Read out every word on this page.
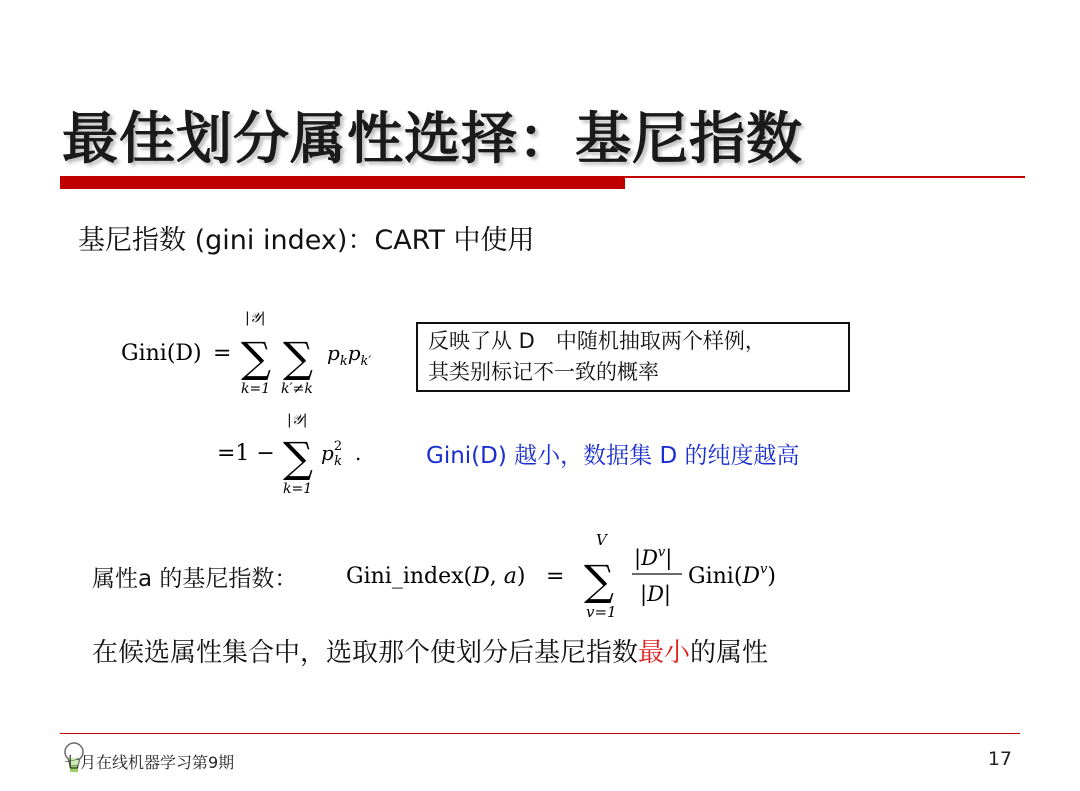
最佳划分属性选择：基尼指数
基尼指数 (gini index)：CART 中使用
Gini(D) =
|𝒴|
∑
k=1
∑
k′≠k
$p_kp_{k'}$
=1 −
|𝒴|
∑
k=1
$p^2$ k .
反映了从 D　中随机抽取两个样例，
其类别标记不一致的概率
Gini(D) 越小，数据集 D 的纯度越高
属性a 的基尼指数： Gini_index(D, a) =
V
∑
v=1
$|D^v|$
|D|
$Gini(D^v)$
在候选属性集合中，选取那个使划分后基尼指数最小的属性
七月在线机器学习第9期	17
